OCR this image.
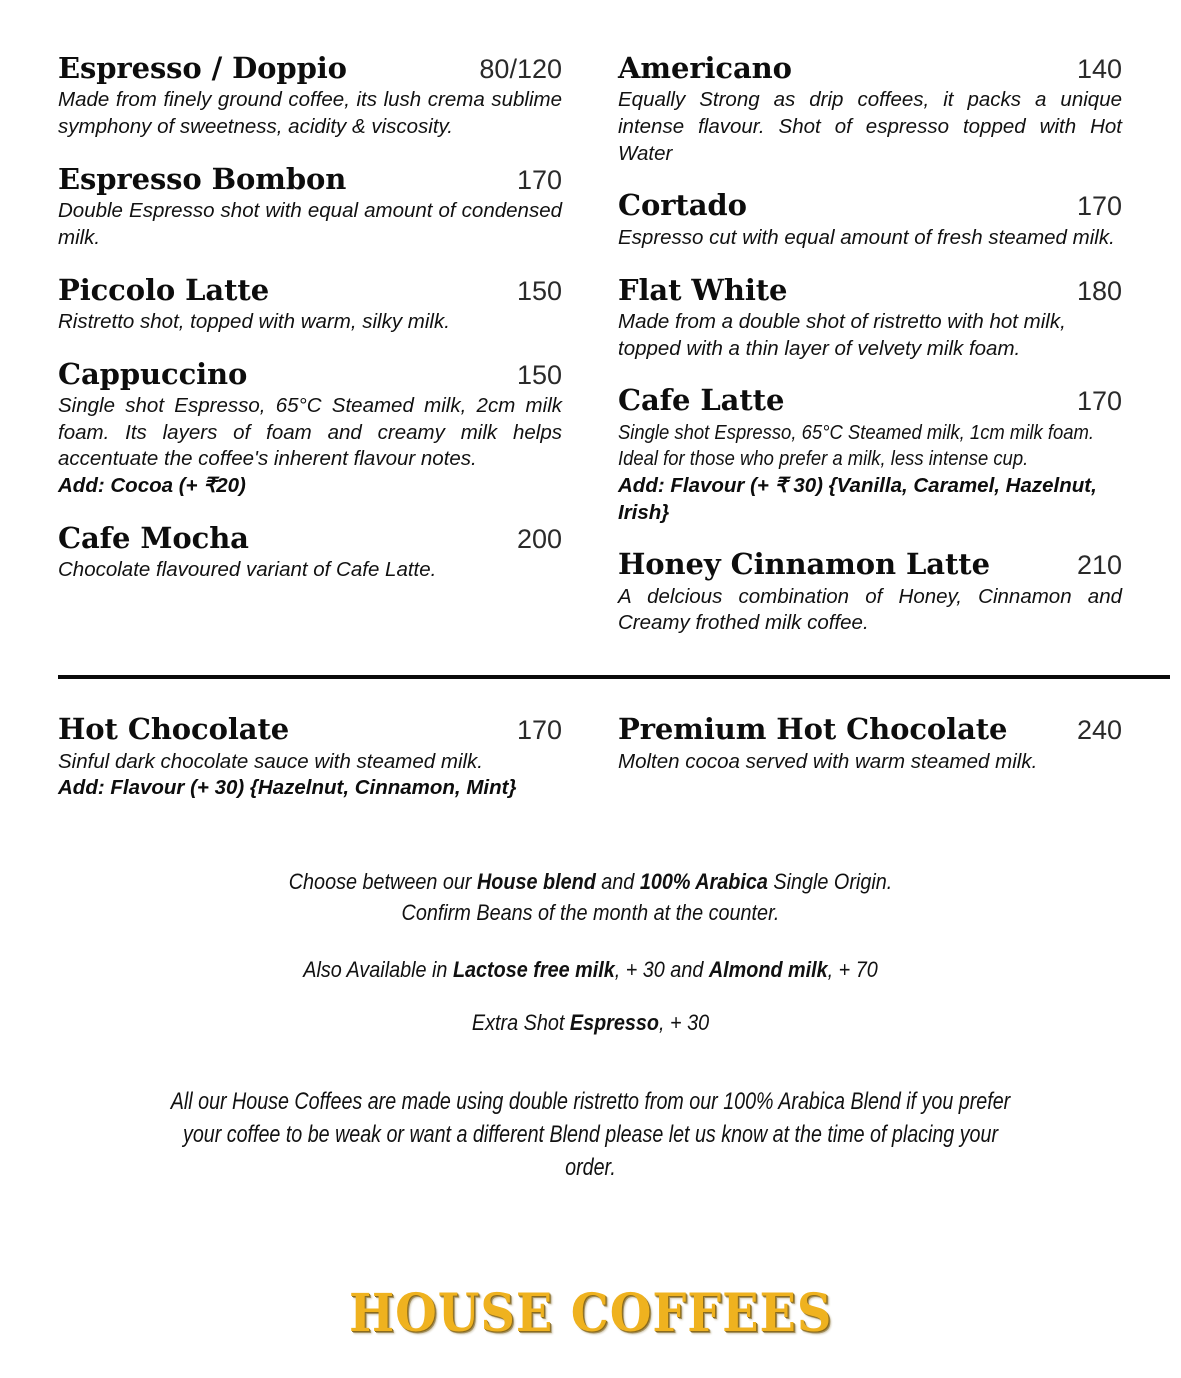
Espresso / Doppio	80/120
Made from finely ground coffee, its lush crema sublime symphony of sweetness, acidity & viscosity.
Espresso Bombon	170
Double Espresso shot with equal amount of condensed milk.
Piccolo Latte	150
Ristretto shot, topped with warm, silky milk.
Cappuccino	150
Single shot Espresso, 65°C Steamed milk, 2cm milk foam. Its layers of foam and creamy milk helps accentuate the coffee's inherent flavour notes.
Add: Cocoa (+ ₹20)
Cafe Mocha	200
Chocolate flavoured variant of Cafe Latte.
Americano	140
Equally Strong as drip coffees, it packs a unique intense flavour. Shot of espresso topped with Hot Water
Cortado	170
Espresso cut with equal amount of fresh steamed milk.
Flat White	180
Made from a double shot of ristretto with hot milk, topped with a thin layer of velvety milk foam.
Cafe Latte	170
Single shot Espresso, 65°C Steamed milk, 1cm milk foam. Ideal for those who prefer a milk, less intense cup.
Add: Flavour (+ ₹ 30) {Vanilla, Caramel, Hazelnut, Irish}
Honey Cinnamon Latte	210
A delcious combination of Honey, Cinnamon and Creamy frothed milk coffee.
Hot Chocolate	170
Sinful dark chocolate sauce with steamed milk.
Add: Flavour (+ 30) {Hazelnut, Cinnamon, Mint}
Premium Hot Chocolate	240
Molten cocoa served with warm steamed milk.
Choose between our House blend and 100% Arabica Single Origin.
Confirm Beans of the month at the counter.
Also Available in Lactose free milk, + 30 and Almond milk, + 70
Extra Shot Espresso, + 30
All our House Coffees are made using double ristretto from our 100% Arabica Blend if you prefer your coffee to be weak or want a different Blend please let us know at the time of placing your order.
HOUSE COFFEES
